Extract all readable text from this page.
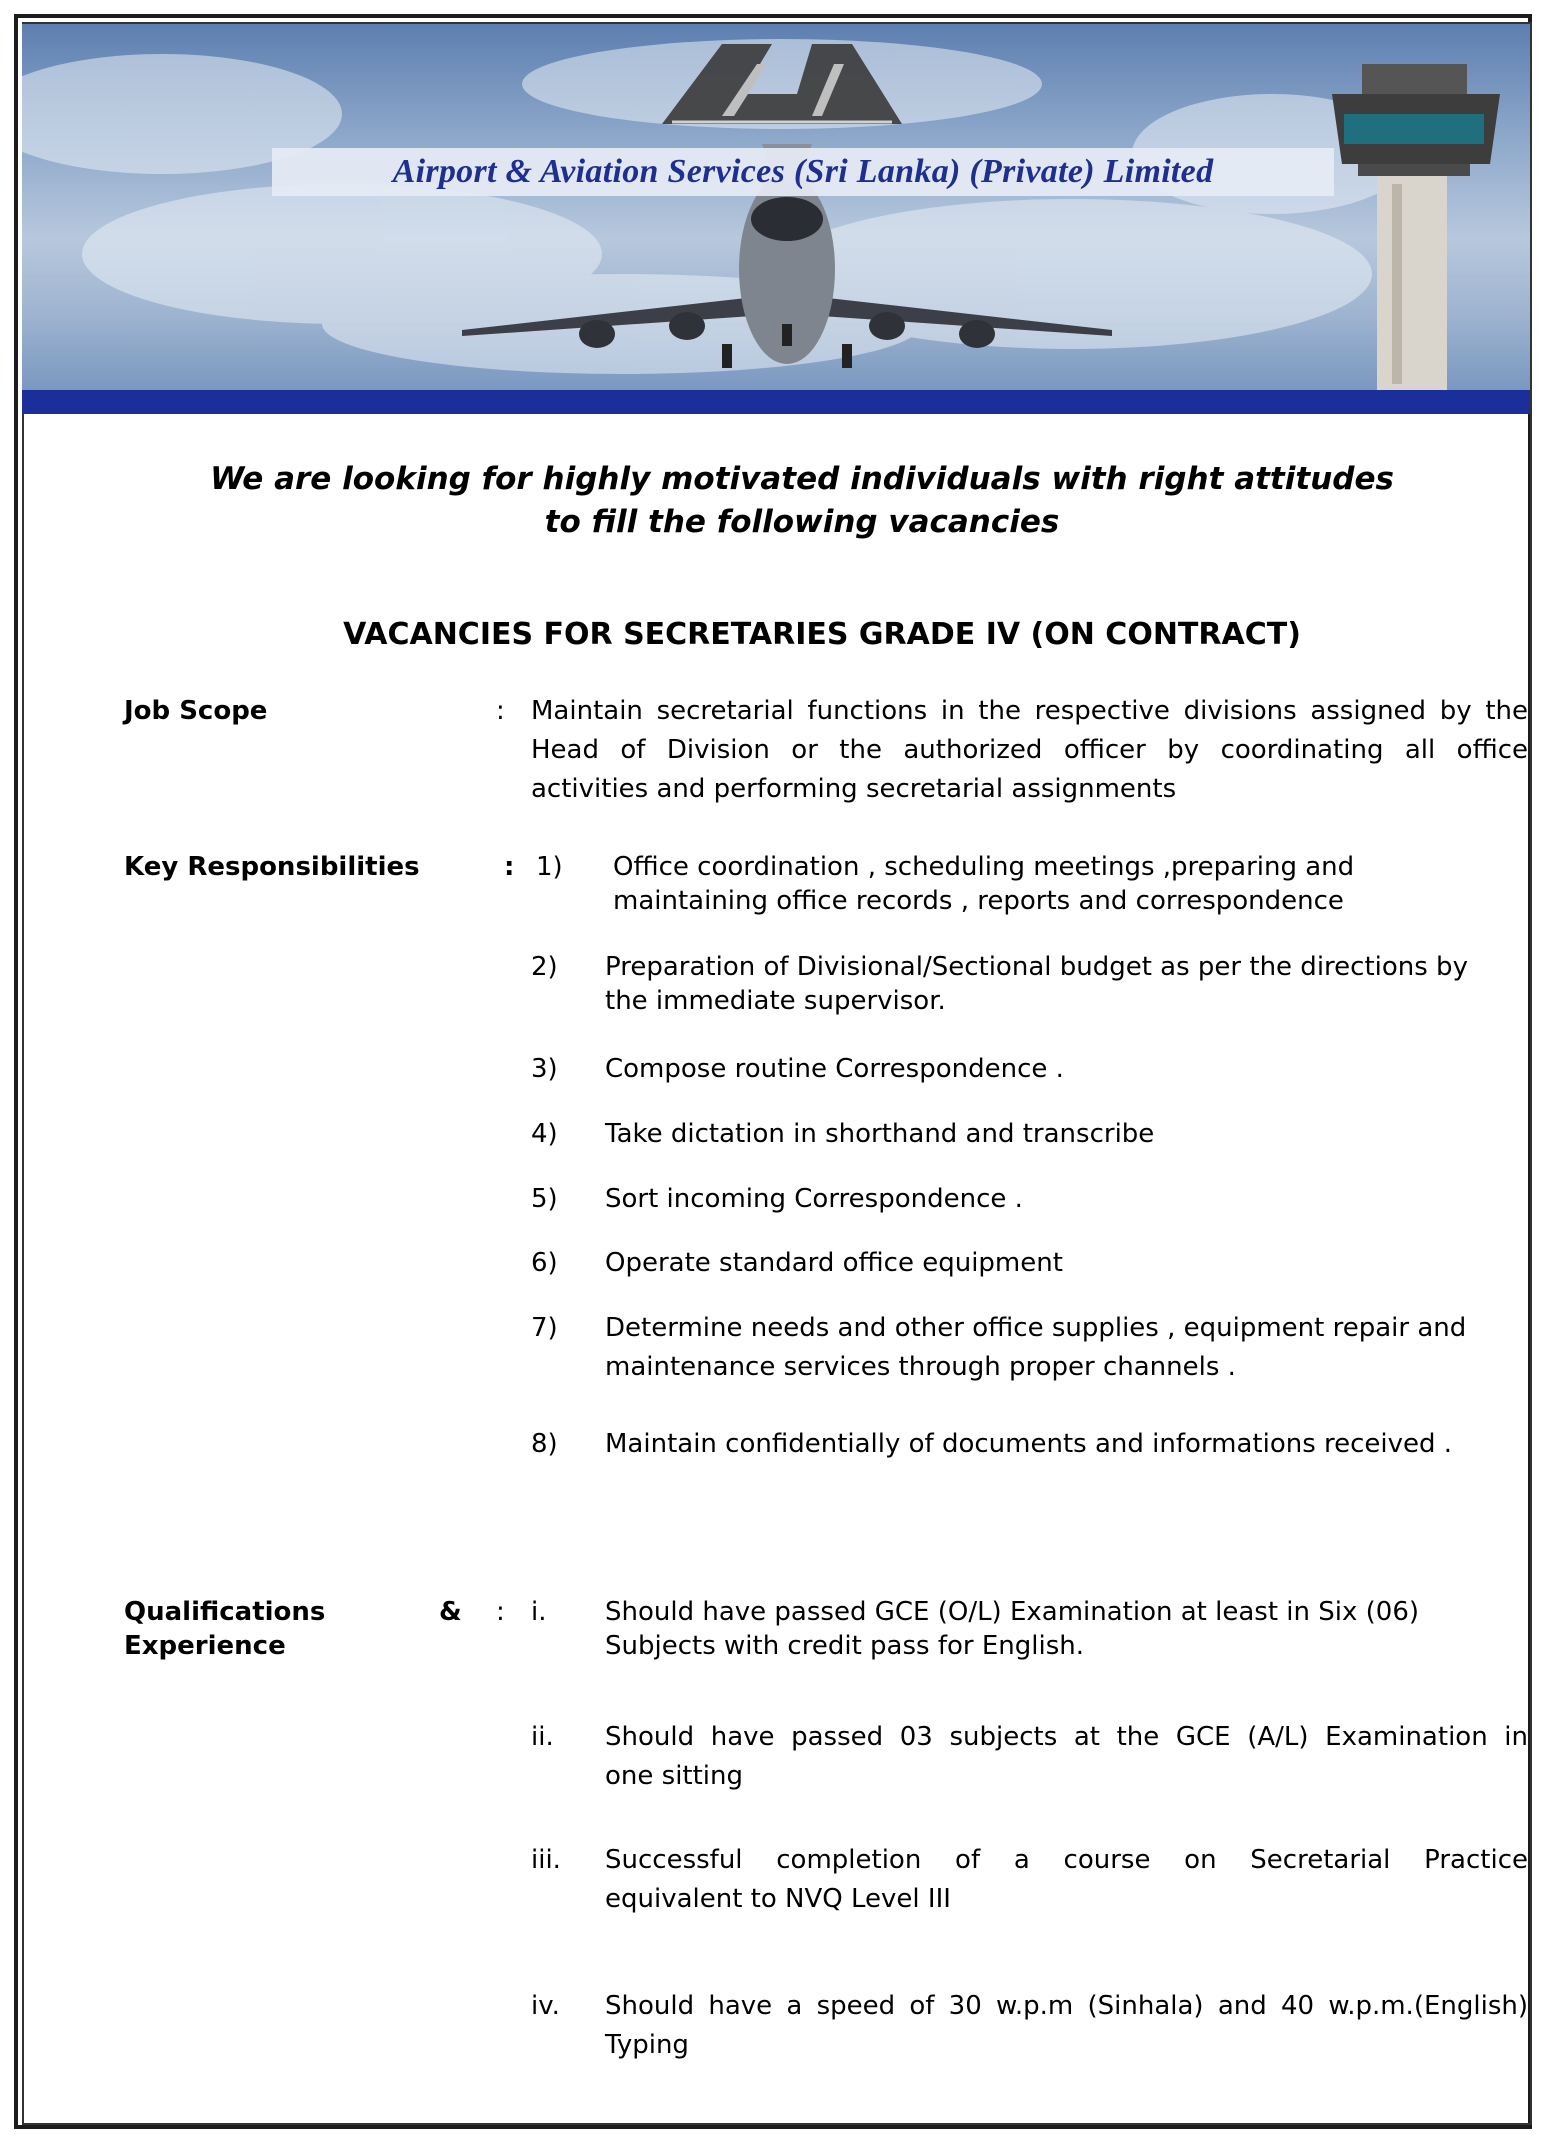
Airport & Aviation Services (Sri Lanka) (Private) Limited
We are looking for highly motivated individuals with right attitudes
to fill the following vacancies
VACANCIES FOR SECRETARIES GRADE IV (ON CONTRACT)
Job Scope	: Maintain secretarial functions in the respective divisions assigned by the
Head of Division or the authorized officer by coordinating all office
activities and performing secretarial assignments
Key Responsibilities	: 1) Office coordination , scheduling meetings ,preparing and
maintaining office records , reports and correspondence
2) Preparation of Divisional/Sectional budget as per the directions by
the immediate supervisor.
3) Compose routine Correspondence .
4) Take dictation in shorthand and transcribe
5) Sort incoming Correspondence .
6) Operate standard office equipment
7) Determine needs and other office supplies , equipment repair and
maintenance services through proper channels .
8) Maintain confidentially of documents and informations received .
Qualifications	&
Experience
: i. Should have passed GCE (O/L) Examination at least in Six (06)
Subjects with credit pass for English.
ii. Should have passed 03 subjects at the GCE (A/L) Examination in
one sitting
iii. Successful completion of a course on Secretarial Practice
equivalent to NVQ Level III
iv. Should have a speed of 30 w.p.m (Sinhala) and 40 w.p.m.(English)
Typing
